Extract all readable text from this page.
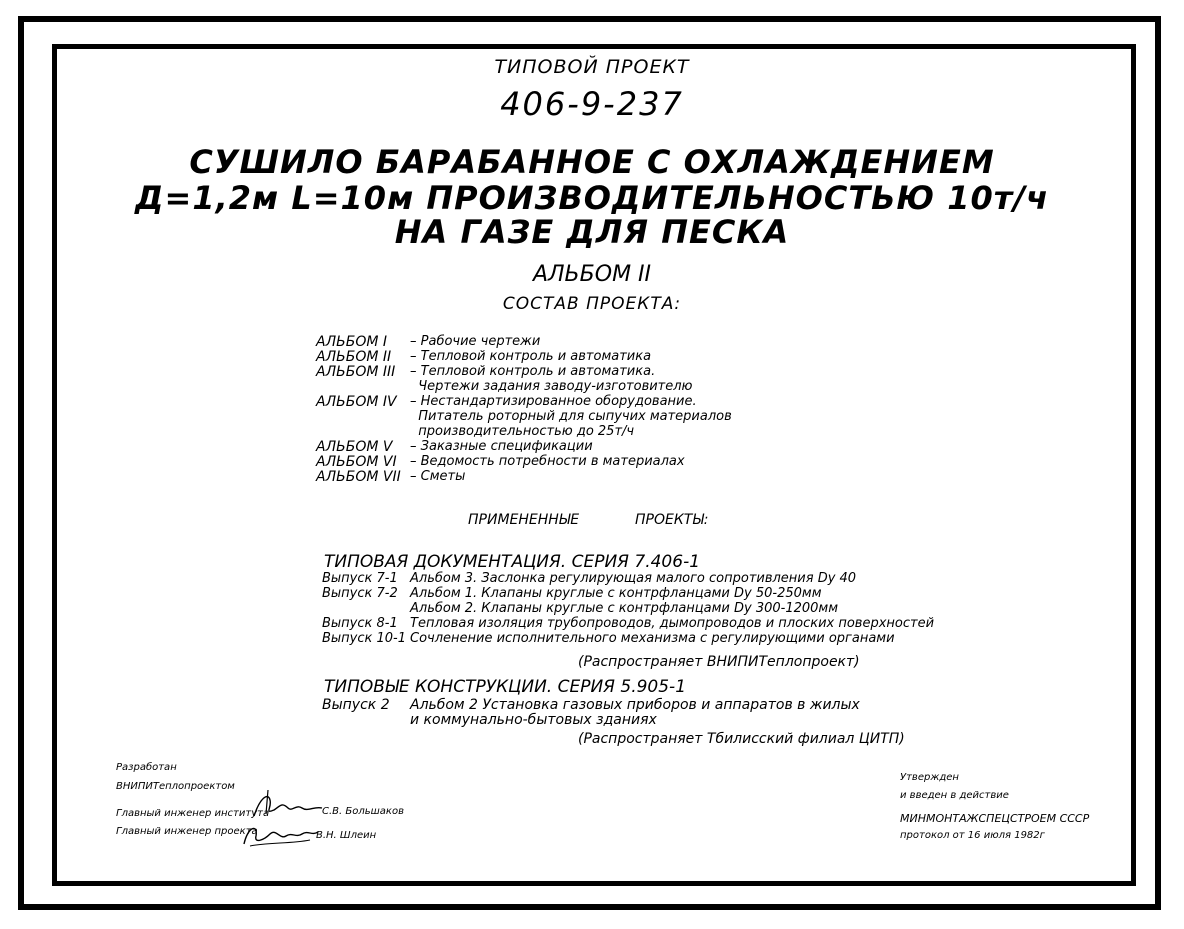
ТИПОВОЙ ПРОЕКТ
406-9-237
СУШИЛО БАРАБАННОЕ С ОХЛАЖДЕНИЕМ
Д=1,2м L=10м ПРОИЗВОДИТЕЛЬНОСТЬЮ 10т/ч
НА ГАЗЕ ДЛЯ ПЕСКА
АЛЬБОМ II
СОСТАВ ПРОЕКТА:
АЛЬБОМ I	– Рабочие чертежи
АЛЬБОМ II	– Тепловой контроль и автоматика
АЛЬБОМ III	– Тепловой контроль и автоматика.
Чертежи задания заводу-изготовителю
АЛЬБОМ IV	– Нестандартизированное оборудование.
Питатель роторный для сыпучих материалов
производительностью до 25т/ч
АЛЬБОМ V	– Заказные спецификации
АЛЬБОМ VI	– Ведомость потребности в материалах
АЛЬБОМ VII – Сметы
ПРИМЕНЕННЫЕ	ПРОЕКТЫ:
ТИПОВАЯ ДОКУМЕНТАЦИЯ. СЕРИЯ 7.406-1
Выпуск 7-1 Альбом 3. Заслонка регулирующая малого сопротивления Dу 40
Выпуск 7-2 Альбом 1. Клапаны круглые с контрфланцами Dу 50-250мм
Альбом 2. Клапаны круглые с контрфланцами Dу 300-1200мм
Выпуск 8-1 Тепловая изоляция трубопроводов, дымопроводов и плоских поверхностей
Выпуск 10-1 Сочленение исполнительного механизма с регулирующими органами
(Распространяет ВНИПИТеплопроект)
ТИПОВЫЕ КОНСТРУКЦИИ. СЕРИЯ 5.905-1
Выпуск 2	Альбом 2 Установка газовых приборов и аппаратов в жилых
и коммунально-бытовых зданиях
(Распространяет Тбилисский филиал ЦИТП)
Разработан
ВНИПИТеплопроектом
Главный инженер института	С.В. Большаков
Главный инженер проекта	В.Н. Шлеин
Утвержден
и введен в действие
МИНМОНТАЖСПЕЦСТРОЕМ СССР
протокол от 16 июля 1982г
